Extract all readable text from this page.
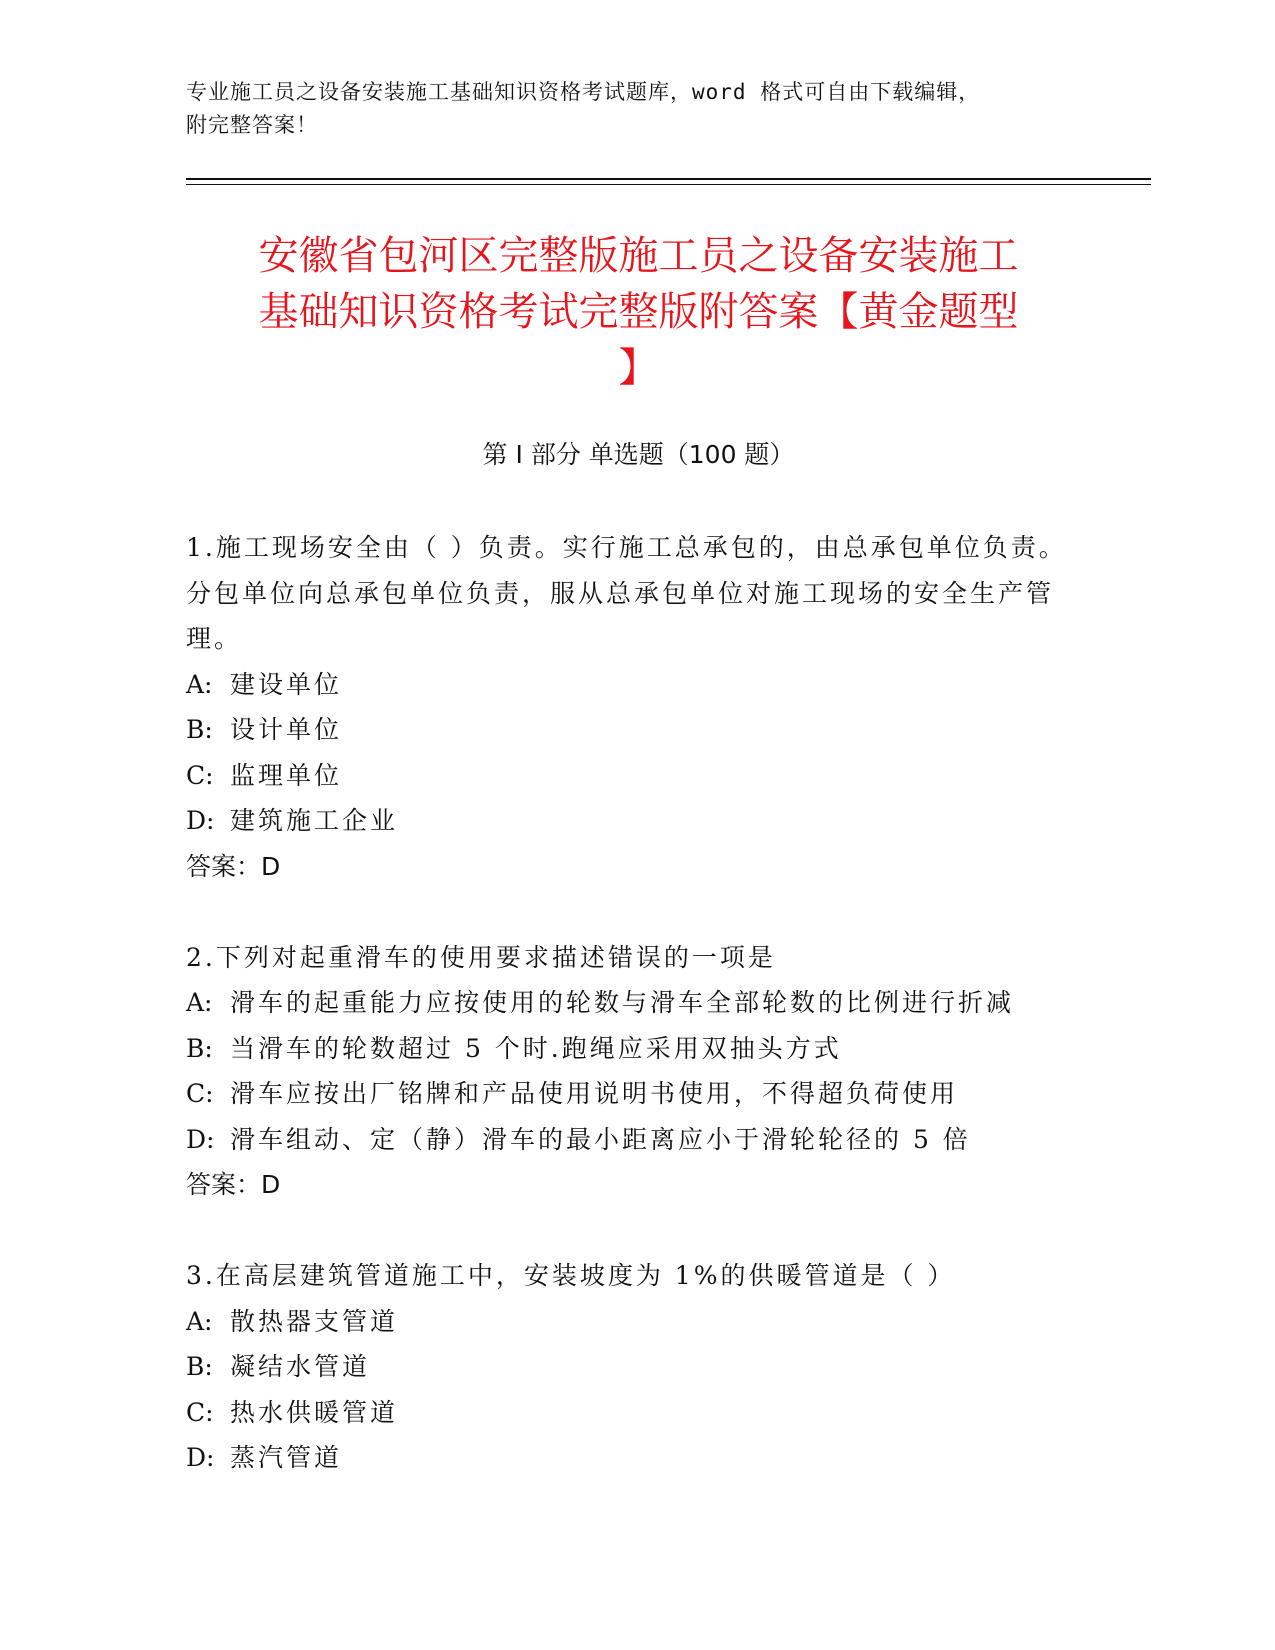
专业施工员之设备安装施工基础知识资格考试题库，word 格式可自由下载编辑，
附完整答案！
安徽省包河区完整版施工员之设备安装施工
基础知识资格考试完整版附答案【黄金题型
】
第 I 部分 单选题（100 题）

1.施工现场安全由（ ）负责。实行施工总承包的，由总承包单位负责。分包单位向总承包单位负责，服从总承包单位对施工现场的安全生产管理。

A: 建设单位

B: 设计单位

C: 监理单位

D: 建筑施工企业

答案：D

2.下列对起重滑车的使用要求描述错误的一项是

A: 滑车的起重能力应按使用的轮数与滑车全部轮数的比例进行折减

B: 当滑车的轮数超过 5 个时.跑绳应采用双抽头方式

C: 滑车应按出厂铭牌和产品使用说明书使用，不得超负荷使用

D: 滑车组动、定（静）滑车的最小距离应小于滑轮轮径的 5 倍

答案：D

3.在高层建筑管道施工中，安装坡度为 1%的供暖管道是（ ）

A: 散热器支管道

B: 凝结水管道

C: 热水供暖管道

D: 蒸汽管道
